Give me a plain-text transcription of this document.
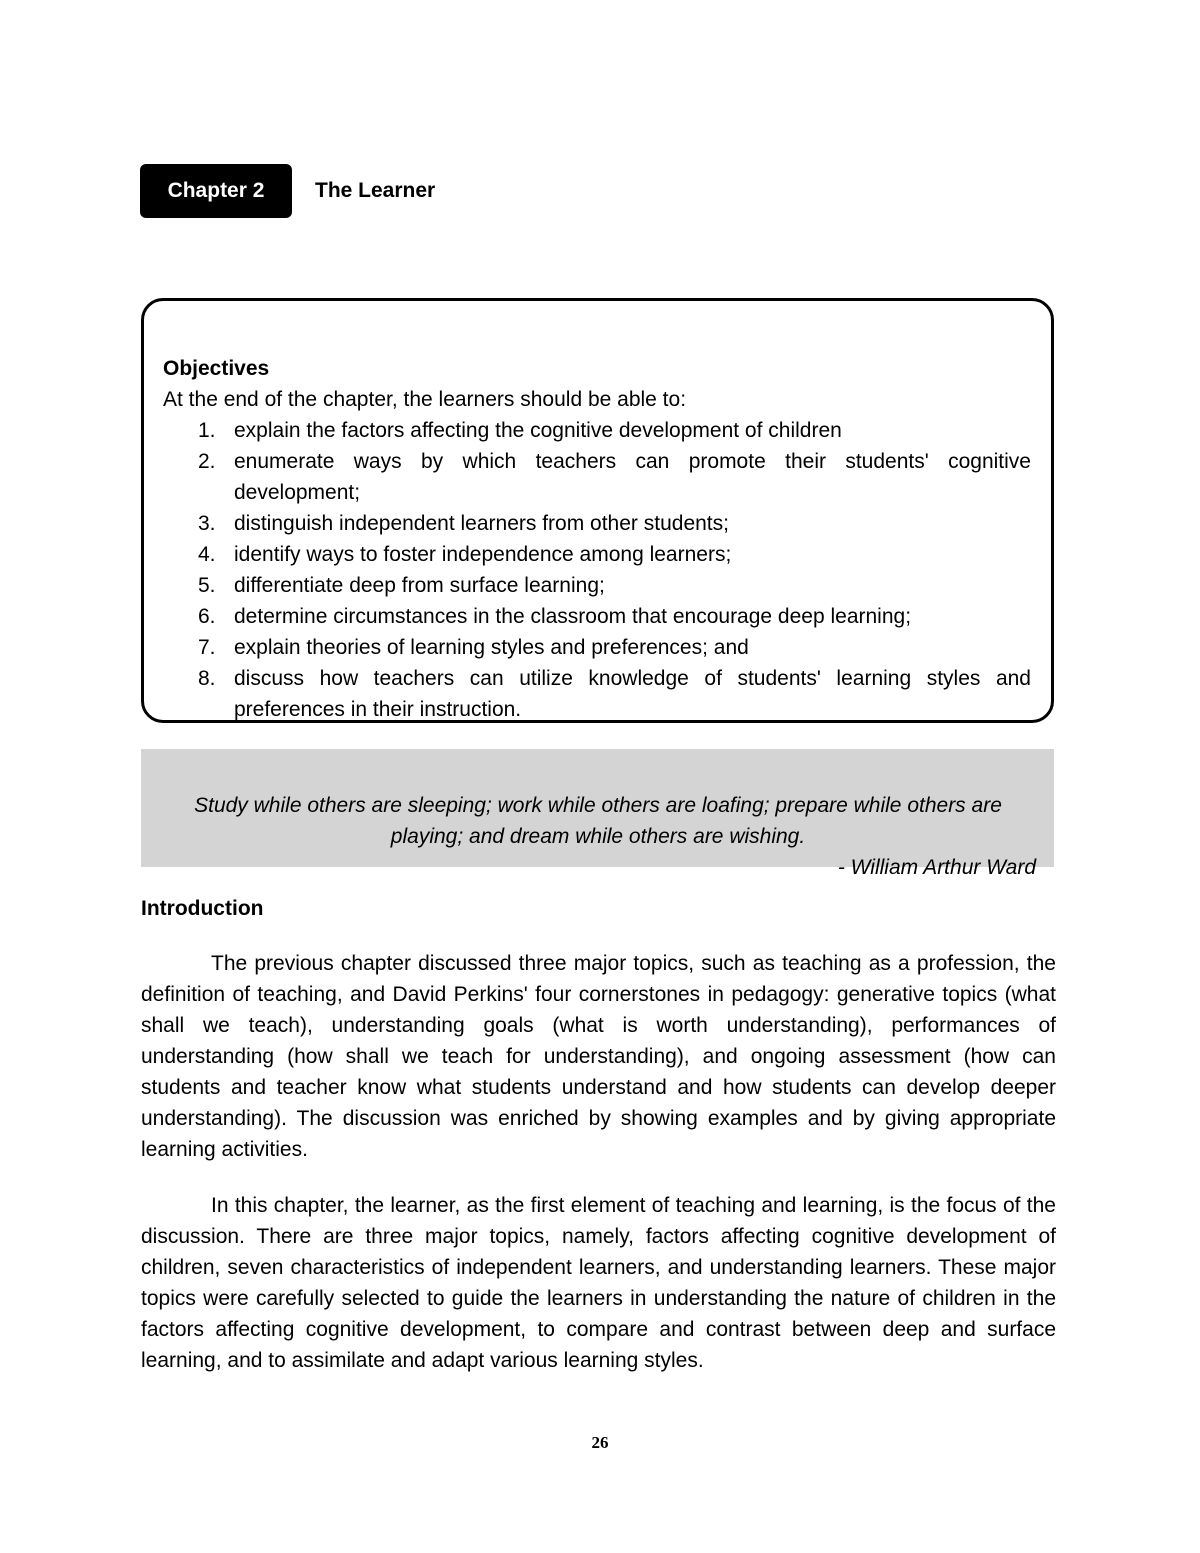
Chapter 2	The Learner
Objectives
At the end of the chapter, the learners should be able to:
1. explain the factors affecting the cognitive development of children
2. enumerate ways by which teachers can promote their students' cognitive development;
3. distinguish independent learners from other students;
4. identify ways to foster independence among learners;
5. differentiate deep from surface learning;
6. determine circumstances in the classroom that encourage deep learning;
7. explain theories of learning styles and preferences; and
8. discuss how teachers can utilize knowledge of students' learning styles and preferences in their instruction.
Study while others are sleeping; work while others are loafing; prepare while others are playing; and dream while others are wishing.
- William Arthur Ward
Introduction

The previous chapter discussed three major topics, such as teaching as a profession, the definition of teaching, and David Perkins' four cornerstones in pedagogy: generative topics (what shall we teach), understanding goals (what is worth understanding), performances of understanding (how shall we teach for understanding), and ongoing assessment (how can students and teacher know what students understand and how students can develop deeper understanding). The discussion was enriched by showing examples and by giving appropriate learning activities.

In this chapter, the learner, as the first element of teaching and learning, is the focus of the discussion. There are three major topics, namely, factors affecting cognitive development of children, seven characteristics of independent learners, and understanding learners. These major topics were carefully selected to guide the learners in understanding the nature of children in the factors affecting cognitive development, to compare and contrast between deep and surface learning, and to assimilate and adapt various learning styles.

26
